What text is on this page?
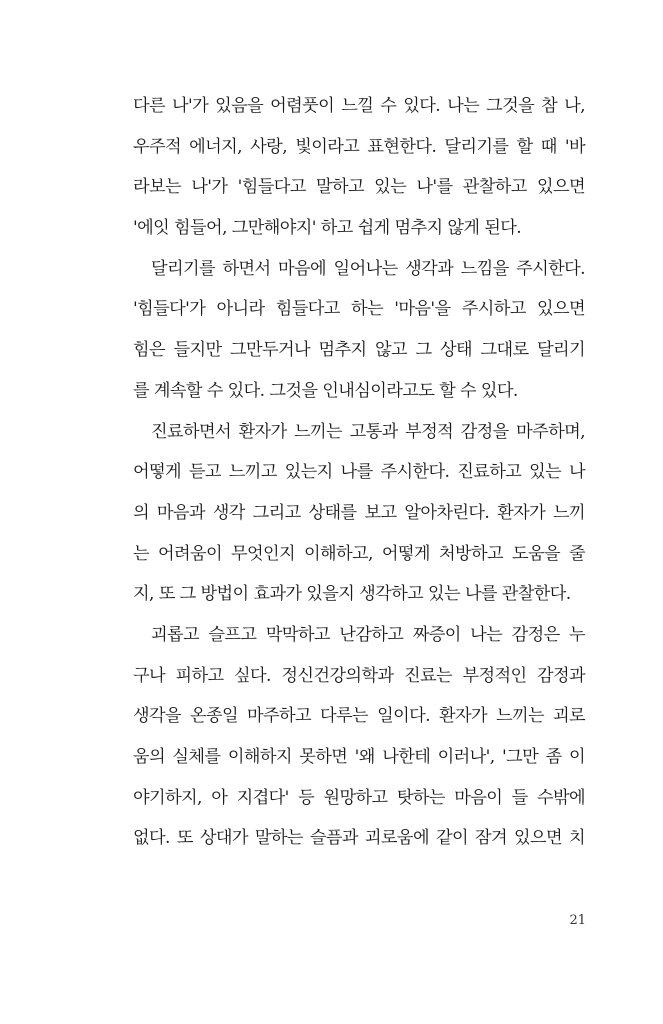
다른 나'가 있음을 어렴풋이 느낄 수 있다. 나는 그것을 참 나,
우주적 에너지, 사랑, 빛이라고 표현한다. 달리기를 할 때 '바
라보는 나'가 '힘들다고 말하고 있는 나'를 관찰하고 있으면
'에잇 힘들어, 그만해야지' 하고 쉽게 멈추지 않게 된다.
달리기를 하면서 마음에 일어나는 생각과 느낌을 주시한다.
'힘들다'가 아니라 힘들다고 하는 '마음'을 주시하고 있으면
힘은 들지만 그만두거나 멈추지 않고 그 상태 그대로 달리기
를 계속할 수 있다. 그것을 인내심이라고도 할 수 있다.
진료하면서 환자가 느끼는 고통과 부정적 감정을 마주하며,
어떻게 듣고 느끼고 있는지 나를 주시한다. 진료하고 있는 나
의 마음과 생각 그리고 상태를 보고 알아차린다. 환자가 느끼
는 어려움이 무엇인지 이해하고, 어떻게 처방하고 도움을 줄
지, 또 그 방법이 효과가 있을지 생각하고 있는 나를 관찰한다.
괴롭고 슬프고 막막하고 난감하고 짜증이 나는 감정은 누
구나 피하고 싶다. 정신건강의학과 진료는 부정적인 감정과
생각을 온종일 마주하고 다루는 일이다. 환자가 느끼는 괴로
움의 실체를 이해하지 못하면 '왜 나한테 이러나', '그만 좀 이
야기하지, 아 지겹다' 등 원망하고 탓하는 마음이 들 수밖에
없다. 또 상대가 말하는 슬픔과 괴로움에 같이 잠겨 있으면 치
21
